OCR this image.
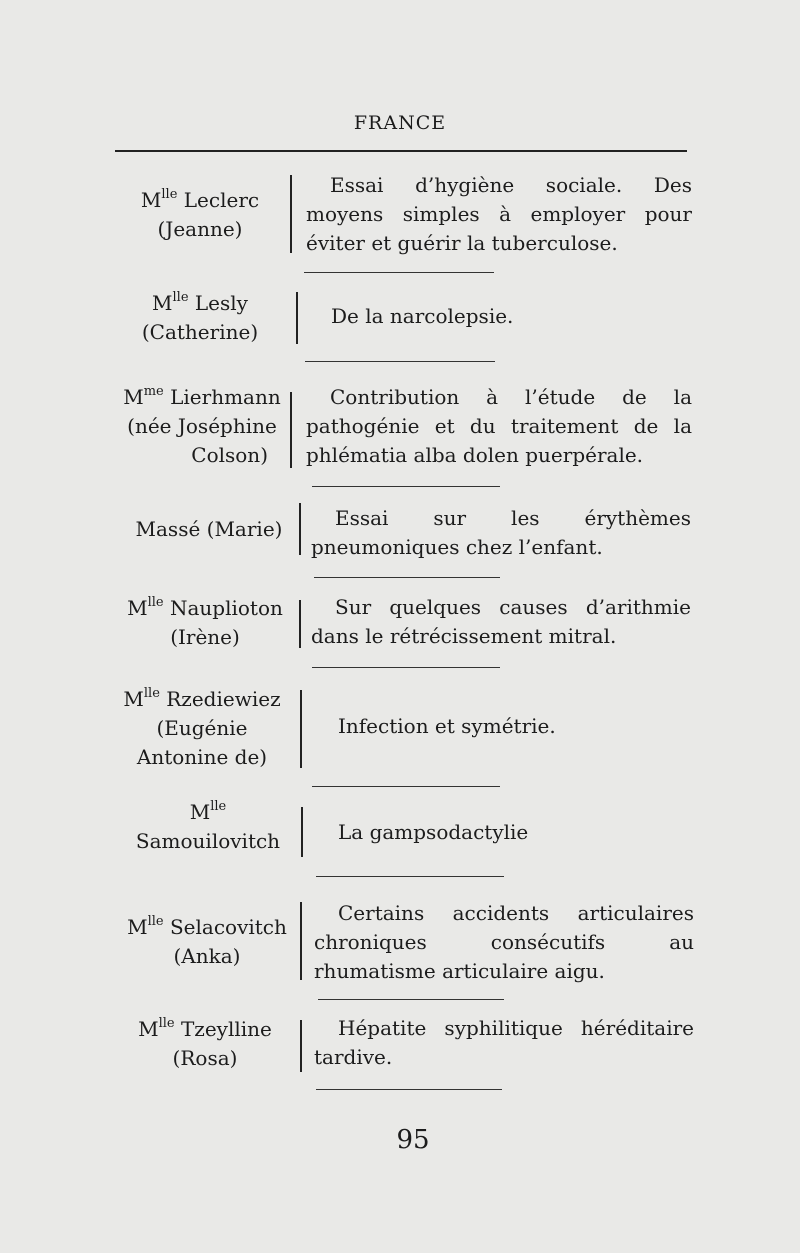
FRANCE
$M^{lle}$ Leclerc
(Jeanne)
Essai d’hygiène sociale. Des moyens simples à employer pour éviter et guérir la tuberculose.
$M^{lle}$ Lesly
(Catherine)
De la narcolepsie.
$M^{me}$ Lierhmann
(née Joséphine
Colson)
Contribution à l’étude de la pathogénie et du traitement de la phlématia alba dolen puerpérale.
Massé (Marie)	Essai sur les érythèmes pneumoniques chez l’enfant.
$M^{lle}$ Nauplioton
(Irène)
Sur quelques causes d’arithmie dans le rétrécissement mitral.
$M^{lle}$ Rzediewiez
(Eugénie
Antonine de)
Infection et symétrie.
$M^{lle}$
Samouilovitch	La gampsodactylie
$M^{lle}$ Selacovitch
(Anka)
Certains accidents articulaires chroniques consécutifs au rhumatisme articulaire aigu.
$M^{lle}$ Tzeylline
(Rosa)
Hépatite syphilitique héréditaire tardive.
95
